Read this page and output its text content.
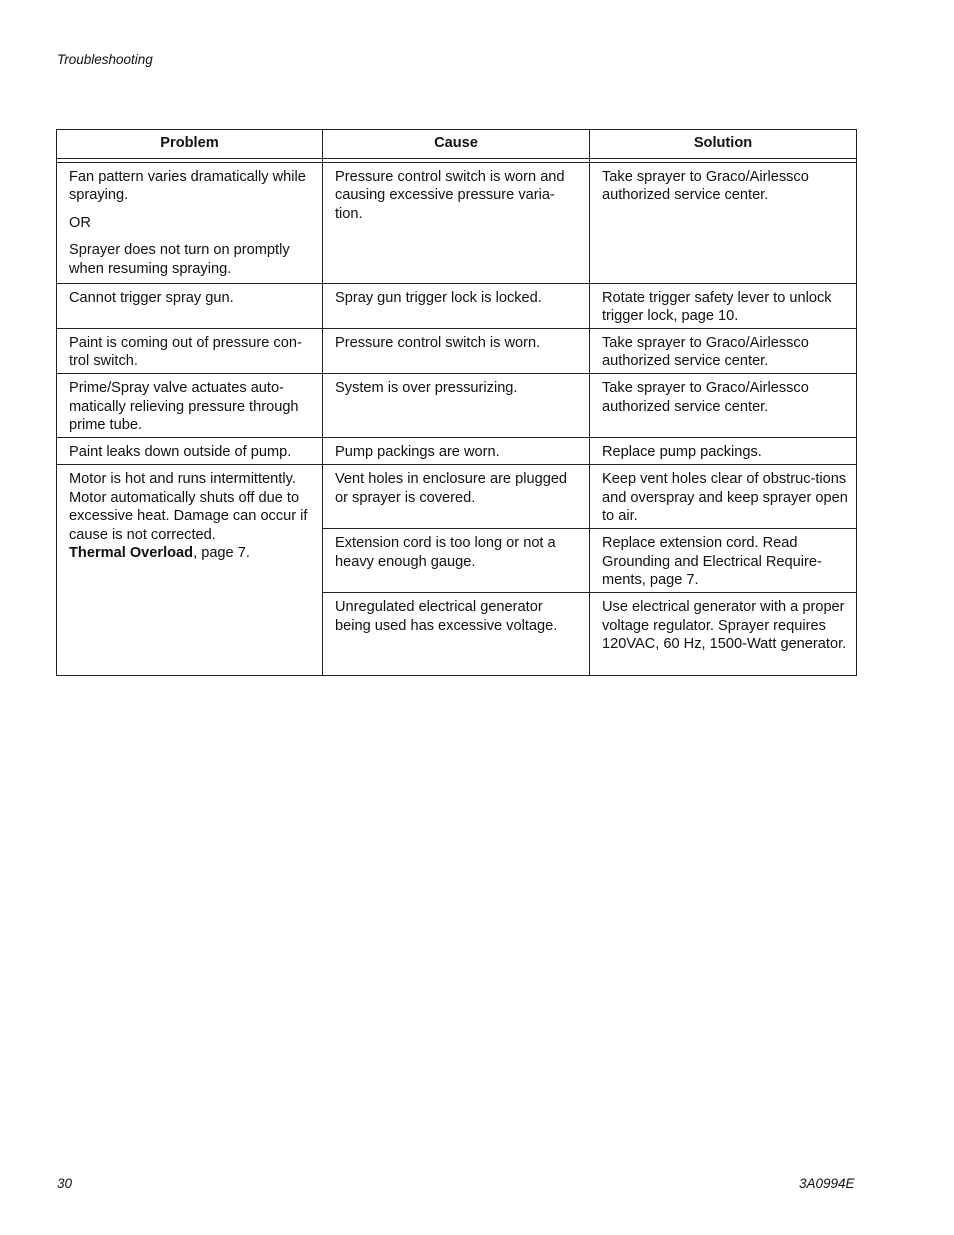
Troubleshooting
Problem	Cause	Solution

Fan pattern varies dramatically while spraying.
OR
Sprayer does not turn on promptly when resuming spraying.	Pressure control switch is worn and causing excessive pressure varia-tion.	Take sprayer to Graco/Airlessco authorized service center.
Cannot trigger spray gun.	Spray gun trigger lock is locked.	Rotate trigger safety lever to unlock trigger lock, page 10.
Paint is coming out of pressure con-trol switch.	Pressure control switch is worn.	Take sprayer to Graco/Airlessco authorized service center.
Prime/Spray valve actuates auto-matically relieving pressure through prime tube.	System is over pressurizing.	Take sprayer to Graco/Airlessco authorized service center.
Paint leaks down outside of pump.	Pump packings are worn.	Replace pump packings.
Motor is hot and runs intermittently. Motor automatically shuts off due to excessive heat. Damage can occur if cause is not corrected.
Thermal Overload, page 7.	Vent holes in enclosure are plugged or sprayer is covered.	Keep vent holes clear of obstruc-tions and overspray and keep sprayer open to air.
	Extension cord is too long or not a heavy enough gauge.	Replace extension cord. Read Grounding and Electrical Require-ments, page 7.
	Unregulated electrical generator being used has excessive voltage.	Use electrical generator with a proper voltage regulator. Sprayer requires 120VAC, 60 Hz, 1500-Watt generator.
30	3A0994E
